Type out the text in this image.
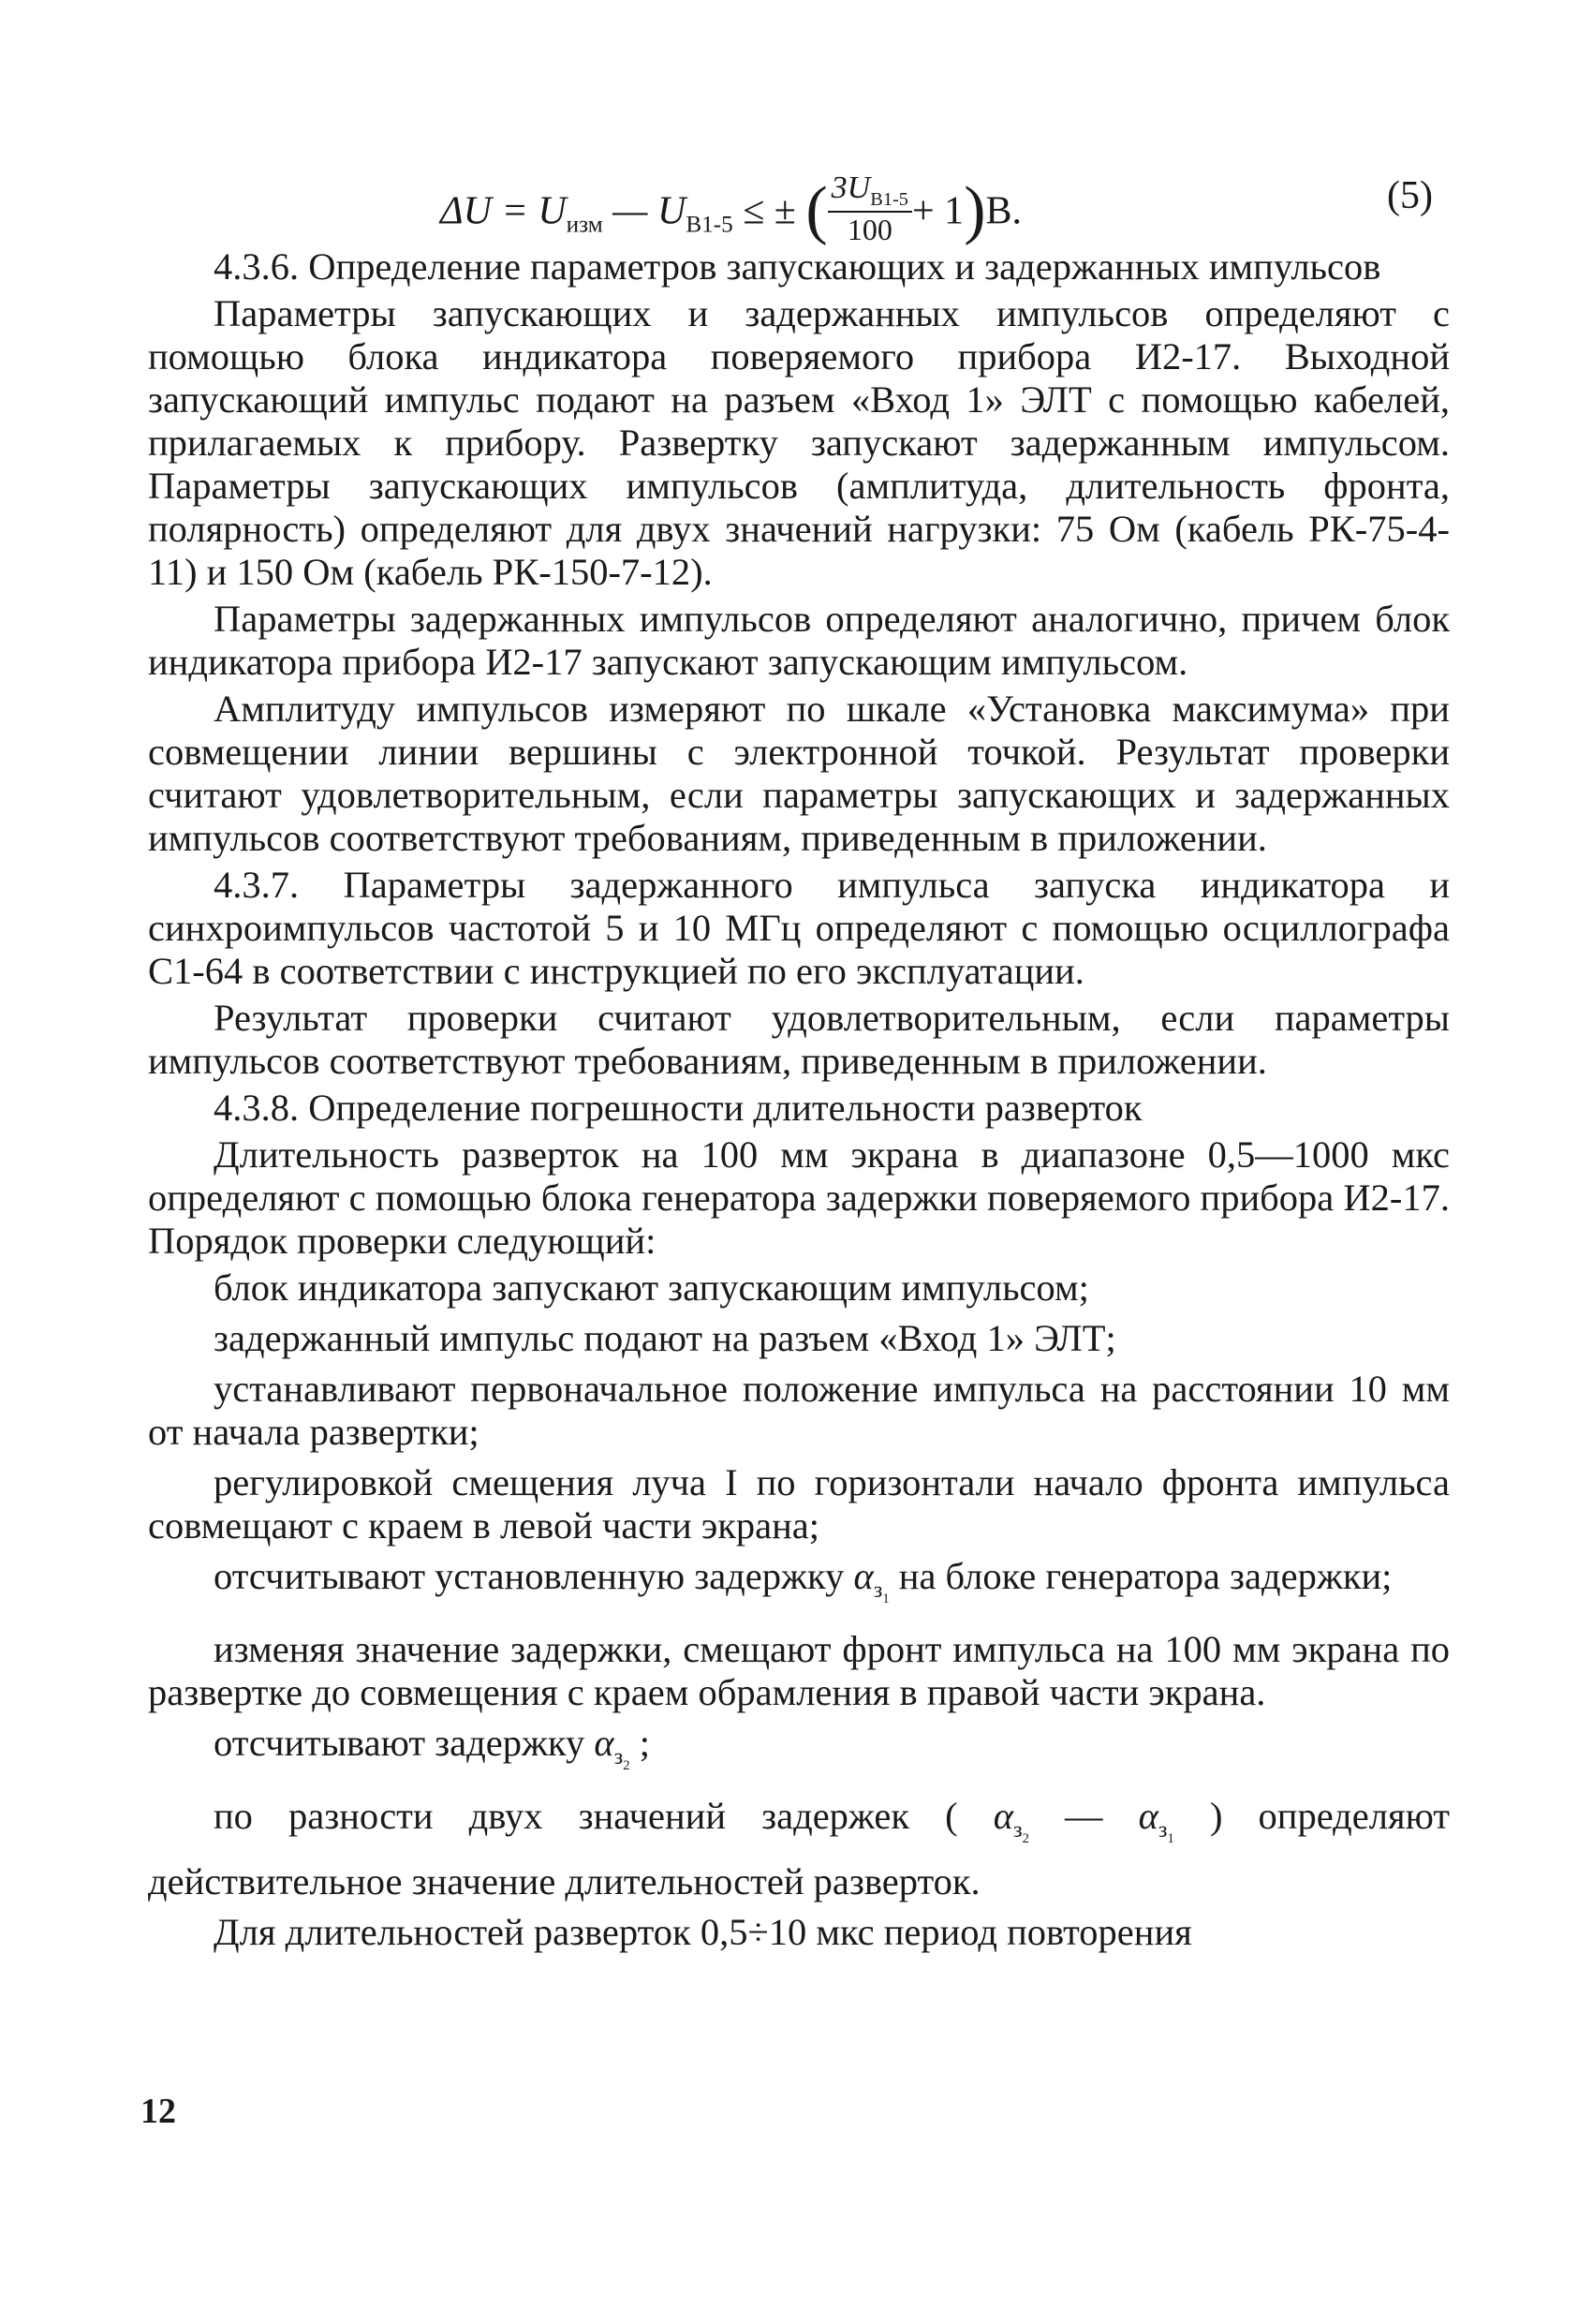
$\Delta U = U_{изм}$ — $U_{B1-5}$ ≤ ± ( $\frac{3U_{B1-5}}{100} + 1)B$.	(5)

4.3.6. Определение параметров запускающих и задержанных импульсов

Параметры запускающих и задержанных импульсов определяют с помощью блока индикатора поверяемого прибора И2-17. Выходной запускающий импульс подают на разъем «Вход 1» ЭЛТ с помощью кабелей, прилагаемых к прибору. Развертку запускают задержанным импульсом. Параметры запускающих импульсов (амплитуда, длительность фронта, полярность) определяют для двух значений нагрузки: 75 Ом (кабель РК-75-4-11) и 150 Ом (кабель РК-150-7-12).

Параметры задержанных импульсов определяют аналогично, причем блок индикатора прибора И2-17 запускают запускающим импульсом.

Амплитуду импульсов измеряют по шкале «Установка максимума» при совмещении линии вершины с электронной точкой. Результат проверки считают удовлетворительным, если параметры запускающих и задержанных импульсов соответствуют требованиям, приведенным в приложении.

4.3.7. Параметры задержанного импульса запуска индикатора и синхроимпульсов частотой 5 и 10 МГц определяют с помощью осциллографа С1-64 в соответствии с инструкцией по его эксплуатации.

Результат проверки считают удовлетворительным, если параметры импульсов соответствуют требованиям, приведенным в приложении.

4.3.8. Определение погрешности длительности разверток

Длительность разверток на 100 мм экрана в диапазоне 0,5—1000 мкс определяют с помощью блока генератора задержки поверяемого прибора И2-17. Порядок проверки следующий:

блок индикатора запускают запускающим импульсом;

задержанный импульс подают на разъем «Вход 1» ЭЛТ;

устанавливают первоначальное положение импульса на расстоянии 10 мм от начала развертки;

регулировкой смещения луча I по горизонтали начало фронта импульса совмещают с краем в левой части экрана;

отсчитывают установленную задержку $\alpha_{з_1}$ на блоке генератора задержки;

изменяя значение задержки, смещают фронт импульса на 100 мм экрана по развертке до совмещения с краем обрамления в правой части экрана.

отсчитывают задержку $\alpha_{з_2}$ ;

по разности двух значений задержек ( $\alpha_{з_2}$ — $\alpha_{з_1}$ ) определяют действительное значение длительностей разверток.

Для длительностей разверток 0,5÷10 мкс период повторения

12
